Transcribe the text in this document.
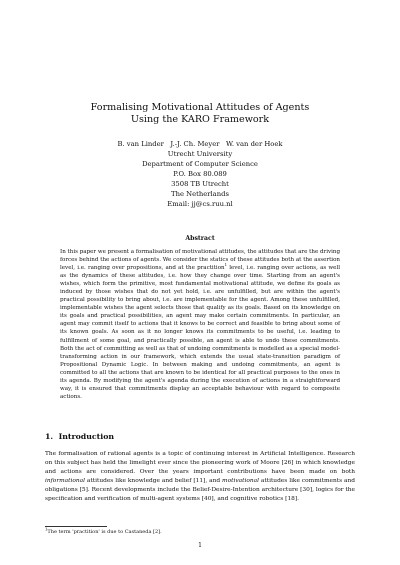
Formalising Motivational Attitudes of Agents
Using the KARO Framework
B. van Linder   J.-J. Ch. Meyer   W. van der Hoek
Utrecht University
Department of Computer Science
P.O. Box 80.089
3508 TB Utrecht
The Netherlands
Email: jj@cs.ruu.nl
Abstract
In this paper we present a formalisation of motivational attitudes, the attitudes that are the driving forces behind the actions of agents. We consider the statics of these attitudes both at the assertion level, i.e. ranging over propositions, and at the practition$^1$ level, i.e. ranging over actions, as well as the dynamics of these attitudes, i.e. how they change over time. Starting from an agent's wishes, which form the primitive, most fundamental motivational attitude, we define its goals as induced by those wishes that do not yet hold, i.e. are unfulfilled, but are within the agent's practical possibility to bring about, i.e. are implementable for the agent. Among these unfulfilled, implementable wishes the agent selects those that qualify as its goals. Based on its knowledge on its goals and practical possibilities, an agent may make certain commitments. In particular, an agent may commit itself to actions that it knows to be correct and feasible to bring about some of its known goals. As soon as it no longer knows its commitments to be useful, i.e. leading to fulfillment of some goal, and practically possible, an agent is able to undo these commitments. Both the act of committing as well as that of undoing commitments is modelled as a special model-transforming action in our framework, which extends the usual state-transition paradigm of Propositional Dynamic Logic. In between making and undoing commitments, an agent is committed to all the actions that are known to be identical for all practical purposes to the ones in its agenda. By modifying the agent's agenda during the execution of actions in a straightforward way, it is ensured that commitments display an acceptable behaviour with regard to composite actions.
1. Introduction
The formalisation of rational agents is a topic of continuing interest in Artificial Intelligence. Research on this subject has held the limelight ever since the pioneering work of Moore [26] in which knowledge and actions are considered. Over the years important contributions have been made on both informational attitudes like knowledge and belief [11], and motivational attitudes like commitments and obligations [5]. Recent developments include the Belief-Desire-Intention architecture [30], logics for the specification and verification of multi-agent systems [40], and cognitive robotics [18].
$^1$The term 'practition' is due to Castaneda [2].
1
